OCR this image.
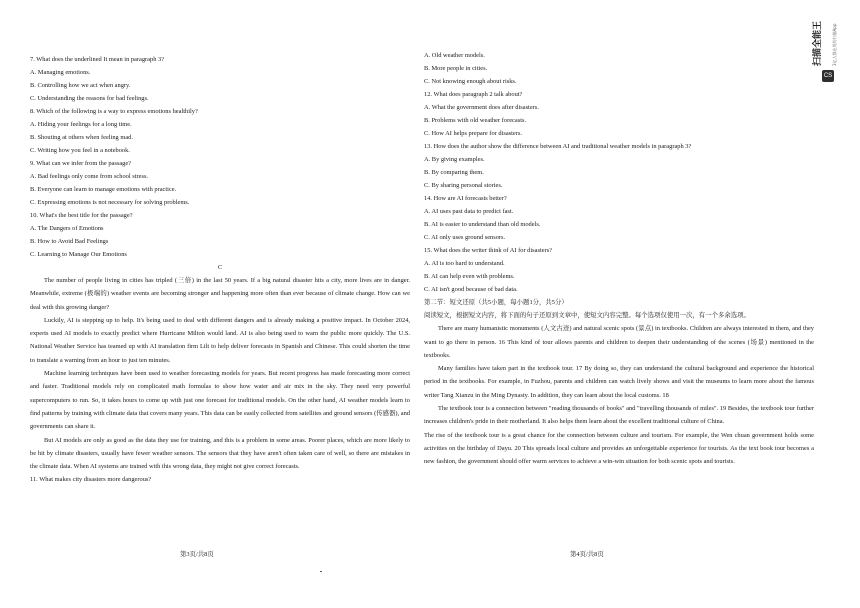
7. What does the underlined It mean in paragraph 3?
A. Managing emotions.
B. Controlling how we act when angry.
C. Understanding the reasons for bad feelings.
8. Which of the following is a way to express emotions healthily?
A. Hiding your feelings for a long time.
B. Shouting at others when feeling mad.
C. Writing how you feel in a notebook.
9. What can we infer from the passage?
A. Bad feelings only come from school stress.
B. Everyone can learn to manage emotions with practice.
C. Expressing emotions is not necessary for solving problems.
10. What's the best title for the passage?
A. The Dangers of Emotions
B. How to Avoid Bad Feelings
C. Learning to Manage Our Emotions
C
The number of people living in cities has tripled (三倍) in the last 50 years. If a big natural disaster hits a city, more lives are in danger. Meanwhile, extreme (极端的) weather events are becoming stronger and happening more often than ever because of climate change. How can we deal with this growing danger?
Luckily, AI is stepping up to help. It's being used to deal with different dangers and is already making a positive impact. In October 2024, experts used AI models to exactly predict where Hurricane Milton would land. AI is also being used to warn the public more quickly. The U.S. National Weather Service has teamed up with AI translation firm Lilt to help deliver forecasts in Spanish and Chinese. This could shorten the time to translate a warning from an hour to just ten minutes.
Machine learning techniques have been used to weather forecasting models for years. But recent progress has made forecasting more correct and faster. Traditional models rely on complicated math formulas to show how water and air mix in the sky. They need very powerful supercomputers to run. So, it takes hours to come up with just one forecast for traditional models. On the other hand, AI weather models learn to find patterns by training with climate data that covers many years. This data can be easily collected from satellites and ground sensors (传感器), and governments can share it.
But AI models are only as good as the data they use for training, and this is a problem in some areas. Poorer places, which are more likely to be hit by climate disasters, usually have fewer weather sensors. The sensors that they have aren't often taken care of well, so there are mistakes in the climate data. When AI systems are trained with this wrong data, they might not give correct forecasts.
11. What makes city disasters more dangerous?
第3页/共8页
A. Old weather models.
B. More people in cities.
C. Not knowing enough about risks.
12. What does paragraph 2 talk about?
A. What the government does after disasters.
B. Problems with old weather forecasts.
C. How AI helps prepare for disasters.
13. How does the author show the difference between AI and traditional weather models in paragraph 3?
A. By giving examples.
B. By comparing them.
C. By sharing personal stories.
14. How are AI forecasts better?
A. AI uses past data to predict fast.
B. AI is easier to understand than old models.
C. AI only uses ground sensors.
15. What does the writer think of AI for disasters?
A. AI is too hard to understand.
B. AI can help even with problems.
C. AI isn't good because of bad data.
第二节：短文还原（共5小题，每小题1分，共5分）
阅读短文，根据短文内容，将下面的句子还原到文章中，使短文内容完整。每个选项仅使用一次，有一个多余选项。
There are many humanistic monuments (人文古迹) and natural scenic spots (景点) in textbooks. Children are always interested in them, and they want to go there in person. 16 This kind of tour allows parents and children to deepen their understanding of the scenes (场景) mentioned in the textbooks.
Many families have taken part in the textbook tour. 17 By doing so, they can understand the cultural background and experience the historical period in the textbooks. For example, in Fuzhou, parents and children can watch lively shows and visit the museums to learn more about the famous writer Tang Xianzu in the Ming Dynasty. In addition, they can learn about the local customs. 18
The textbook tour is a connection between "reading thousands of books" and "travelling thousands of miles". 19 Besides, the textbook tour further increases children's pride in their motherland. It also helps them learn about the excellent traditional culture of China.
The rise of the textbook tour is a great chance for the connection between culture and tourism. For example, the Wen chuan government holds some activities on the birthday of Dayu. 20 This spreads local culture and provides an unforgettable experience for tourists. As the text book tour becomes a new fashion, the government should offer warm services to achieve a win-win situation for both scenic spots and tourists.
第4页/共8页
CS
扫描全能王 3亿人都在用的扫描App
